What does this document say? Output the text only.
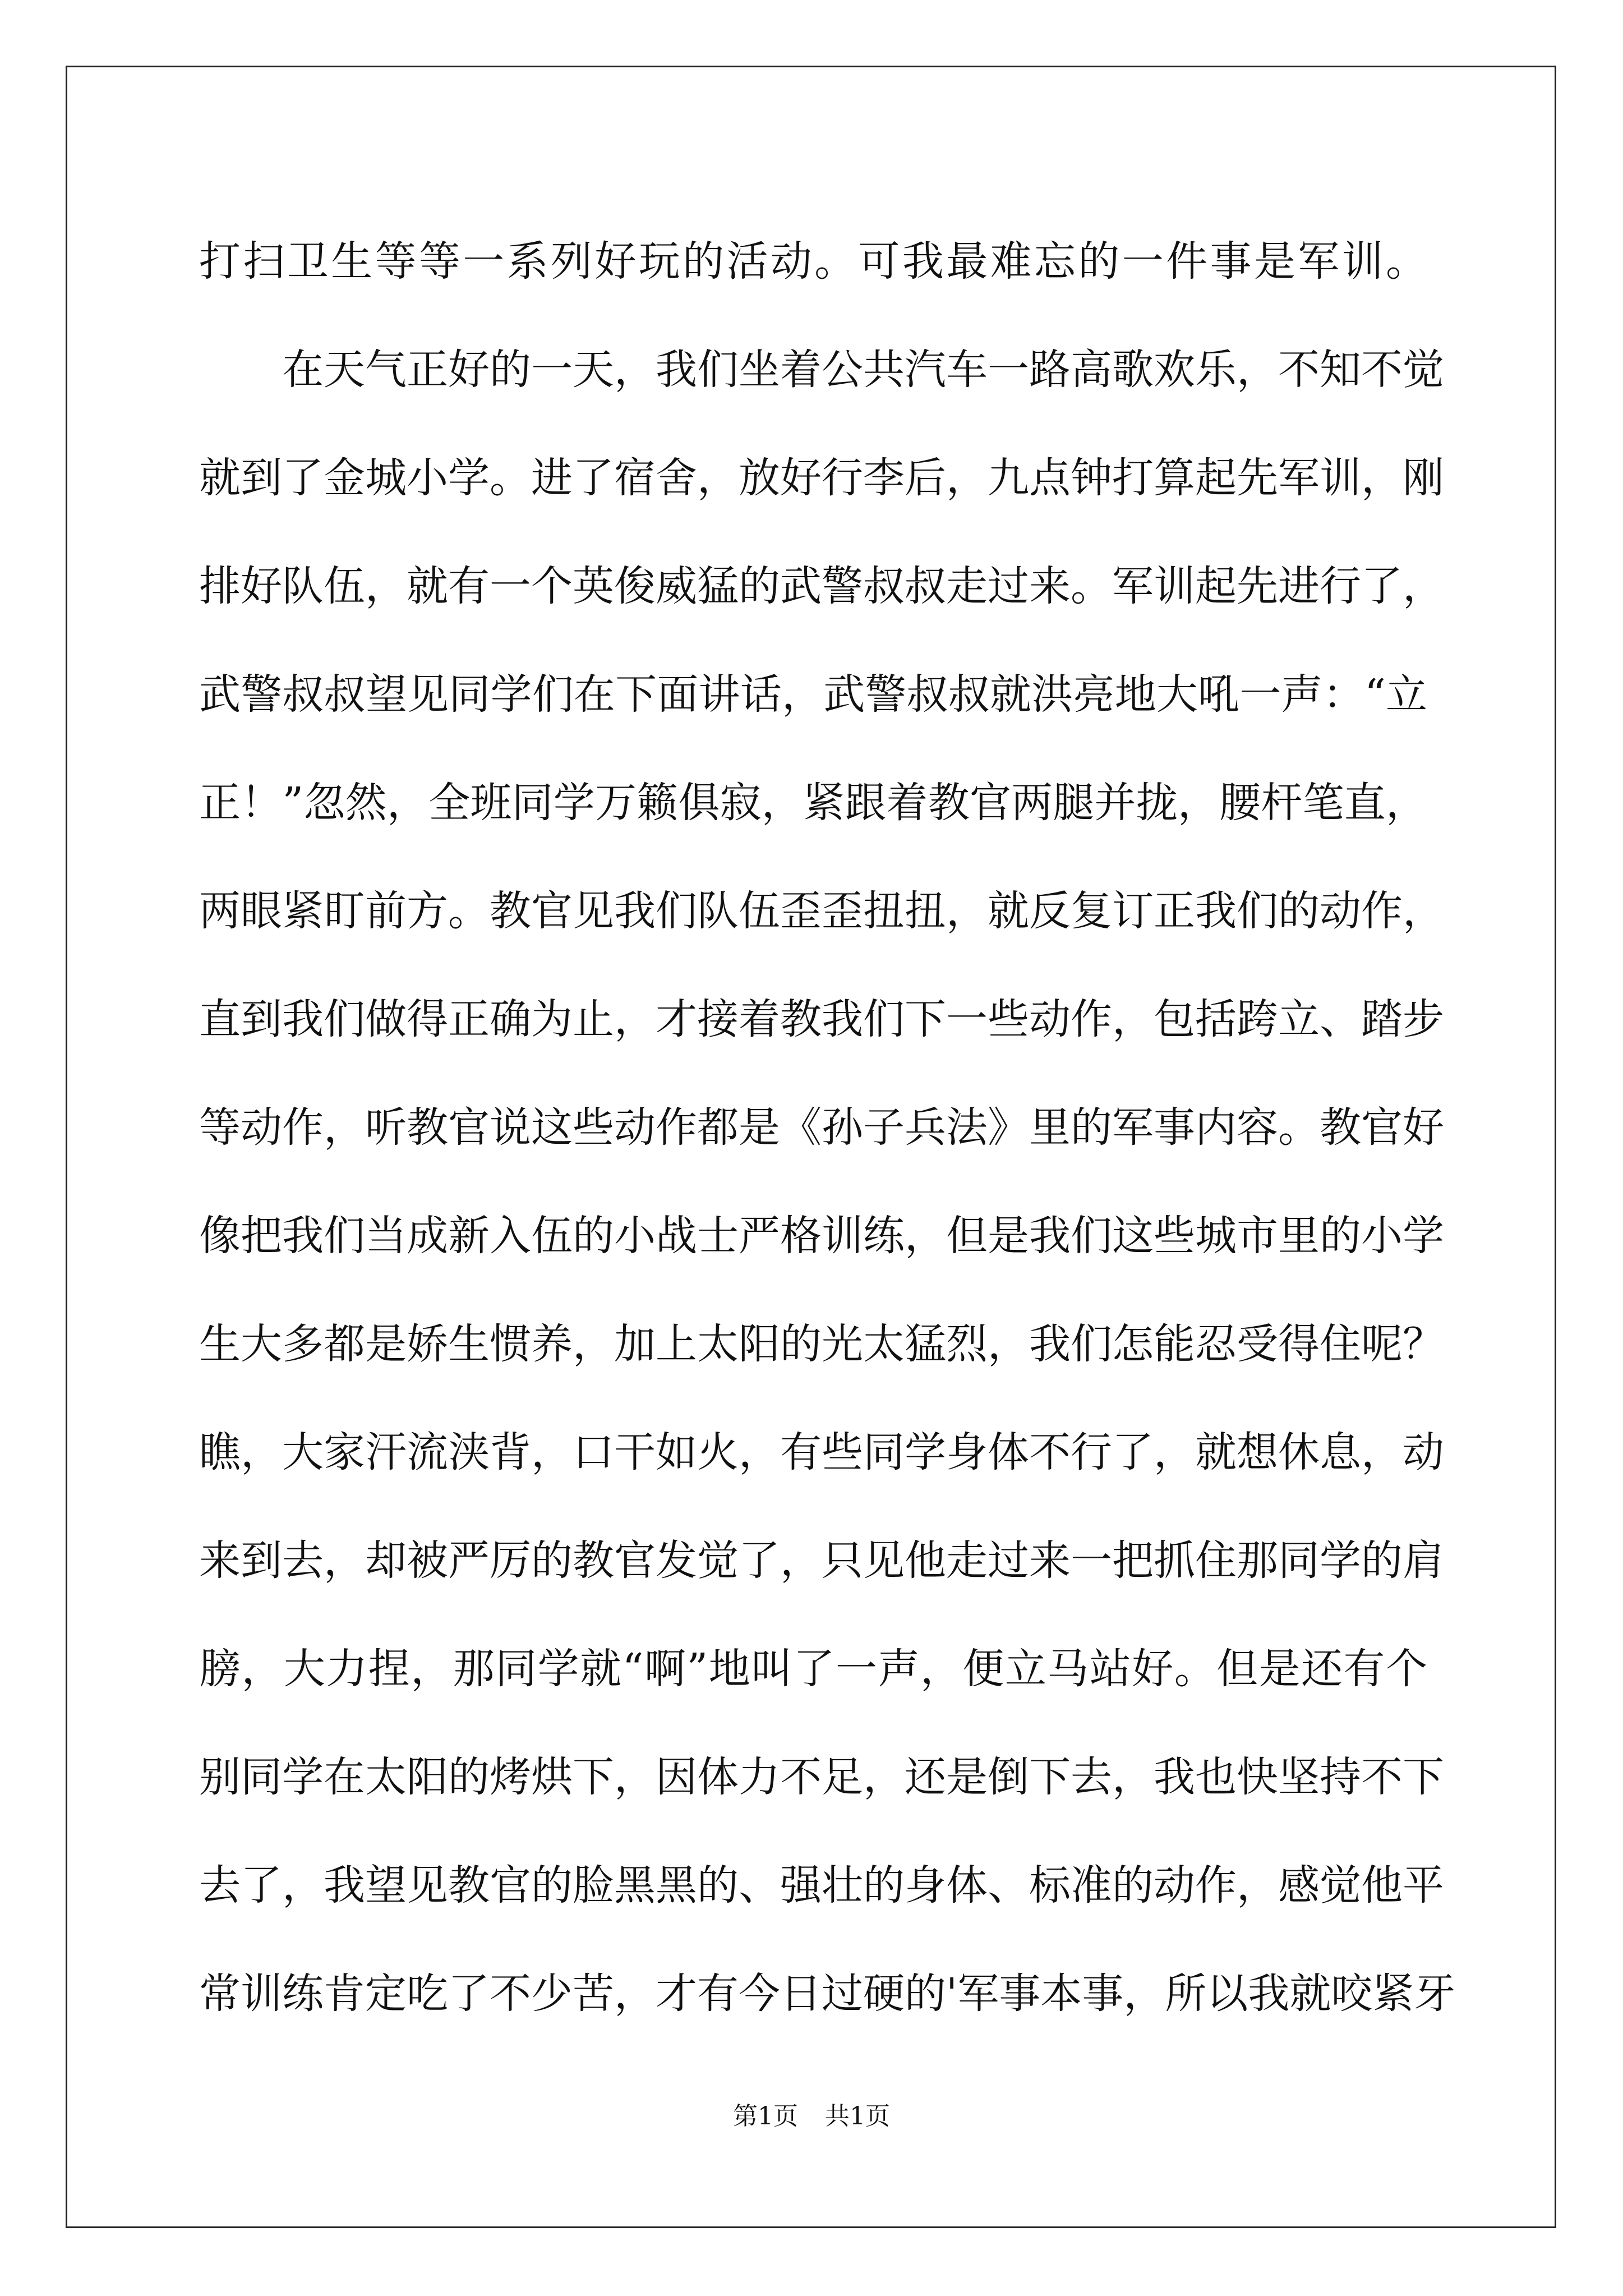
打扫卫生等等一系列好玩的活动。可我最难忘的一件事是军训。
　　在天气正好的一天，我们坐着公共汽车一路高歌欢乐，不知不觉
就到了金城小学。进了宿舍，放好行李后，九点钟打算起先军训，刚
排好队伍，就有一个英俊威猛的武警叔叔走过来。军训起先进行了，
武警叔叔望见同学们在下面讲话，武警叔叔就洪亮地大吼一声：“立
正！”忽然，全班同学万籁俱寂，紧跟着教官两腿并拢，腰杆笔直，
两眼紧盯前方。教官见我们队伍歪歪扭扭，就反复订正我们的动作，
直到我们做得正确为止，才接着教我们下一些动作，包括跨立、踏步
等动作，听教官说这些动作都是《孙子兵法》里的军事内容。教官好
像把我们当成新入伍的小战士严格训练，但是我们这些城市里的小学
生大多都是娇生惯养，加上太阳的光太猛烈，我们怎能忍受得住呢？
瞧，大家汗流浃背，口干如火，有些同学身体不行了，就想休息，动
来到去，却被严厉的教官发觉了，只见他走过来一把抓住那同学的肩
膀，大力捏，那同学就“啊”地叫了一声，便立马站好。但是还有个
别同学在太阳的烤烘下，因体力不足，还是倒下去，我也快坚持不下
去了，我望见教官的脸黑黑的、强壮的身体、标准的动作，感觉他平
常训练肯定吃了不少苦，才有今日过硬的'军事本事，所以我就咬紧牙
第1页 共1页
